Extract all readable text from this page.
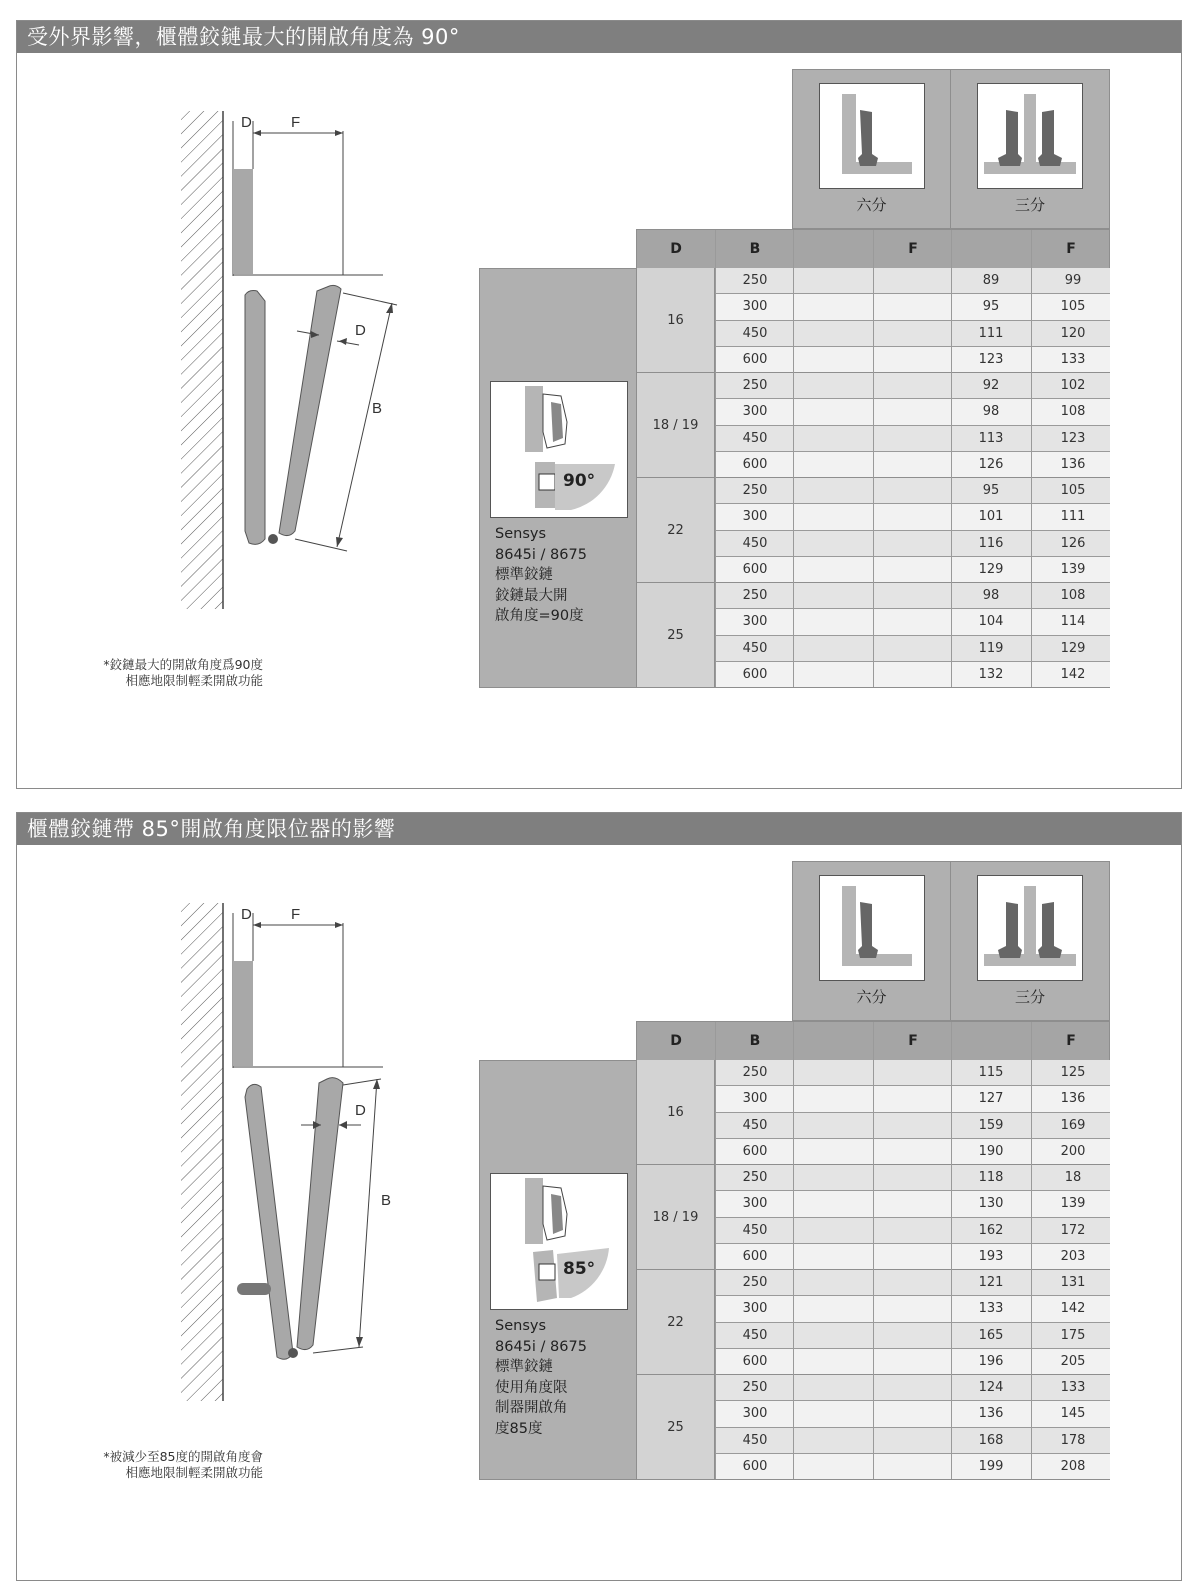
受外界影響，櫃體鉸鏈最大的開啟角度為 90°
D	F
D
B
*鉸鏈最大的開啟角度爲90度
相應地限制輕柔開啟功能
六分	三分
D	B	F	F
90°
Sensys
8645i / 8675
標準鉸鏈
鉸鏈最大開
啟角度=90度
16
250	89	99
300	95	105
450	111	120
600	123	133
18 / 19
250	92	102
300	98	108
450	113	123
600	126	136
22
250	95	105
300	101	111
450	116	126
600	129	139
25
250	98	108
300	104	114
450	119	129
600	132	142
櫃體鉸鏈帶 85°開啟角度限位器的影響
D	F
D
B
*被減少至85度的開啟角度會
相應地限制輕柔開啟功能
六分	三分
D	B	F	F
85°
Sensys
8645i / 8675
標準鉸鏈
使用角度限
制器開啟角
度85度
16
250	115	125
300	127	136
450	159	169
600	190	200
18 / 19
250	118	18
300	130	139
450	162	172
600	193	203
22
250	121	131
300	133	142
450	165	175
600	196	205
25
250	124	133
300	136	145
450	168	178
600	199	208
